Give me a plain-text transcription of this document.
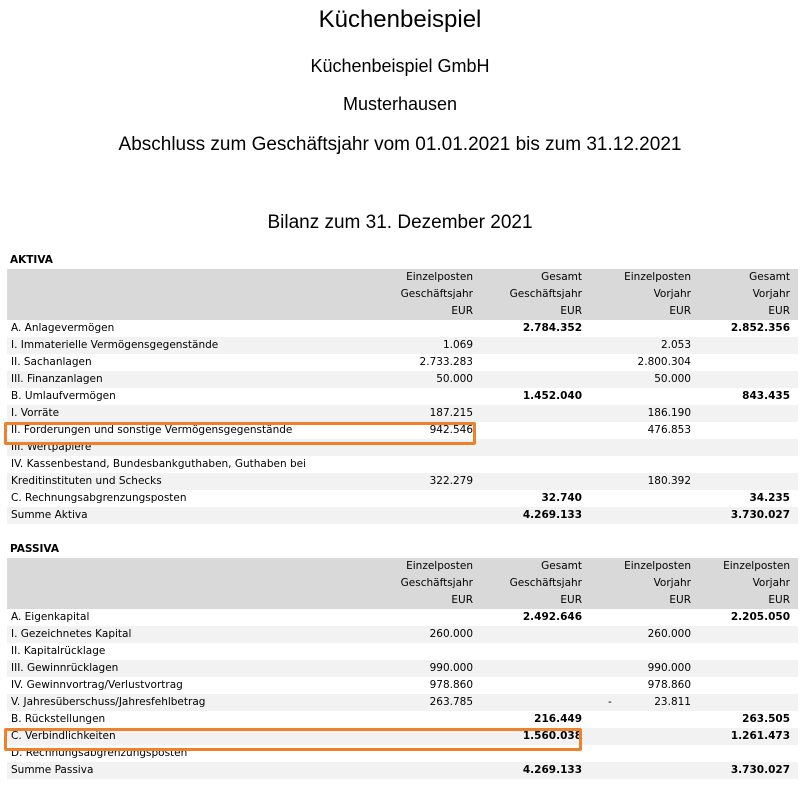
Küchenbeispiel
Küchenbeispiel GmbH
Musterhausen
Abschluss zum Geschäftsjahr vom 01.01.2021 bis zum 31.12.2021
Bilanz zum 31. Dezember 2021
AKTIVA
	Einzelposten	Gesamt	Einzelposten	Gesamt
	Geschäftsjahr	Geschäftsjahr	Vorjahr	Vorjahr
	EUR	EUR	EUR	EUR
A. Anlagevermögen		2.784.352		2.852.356
I. Immaterielle Vermögensgegenstände	1.069		2.053	
II. Sachanlagen	2.733.283		2.800.304	
III. Finanzanlagen	50.000		50.000	
B. Umlaufvermögen		1.452.040		843.435
I. Vorräte	187.215		186.190	
II. Forderungen und sonstige Vermögensgegenstände	942.546		476.853	
III. Wertpapiere				
IV. Kassenbestand, Bundesbankguthaben, Guthaben bei				
Kreditinstituten und Schecks	322.279		180.392	
C. Rechnungsabgrenzungsposten		32.740		34.235
Summe Aktiva		4.269.133		3.730.027
PASSIVA
	Einzelposten	Gesamt	Einzelposten	Einzelposten
	Geschäftsjahr	Geschäftsjahr	Vorjahr	Vorjahr
	EUR	EUR	EUR	EUR
A. Eigenkapital		2.492.646		2.205.050
I. Gezeichnetes Kapital	260.000		260.000	
II. Kapitalrücklage				
III. Gewinnrücklagen	990.000		990.000	
IV. Gewinnvortrag/Verlustvortrag	978.860		978.860	
V. Jahresüberschuss/Jahresfehlbetrag	263.785		- 23.811	
B. Rückstellungen		216.449		263.505
C. Verbindlichkeiten		1.560.038		1.261.473
D. Rechnungsabgrenzungsposten				
Summe Passiva		4.269.133		3.730.027
